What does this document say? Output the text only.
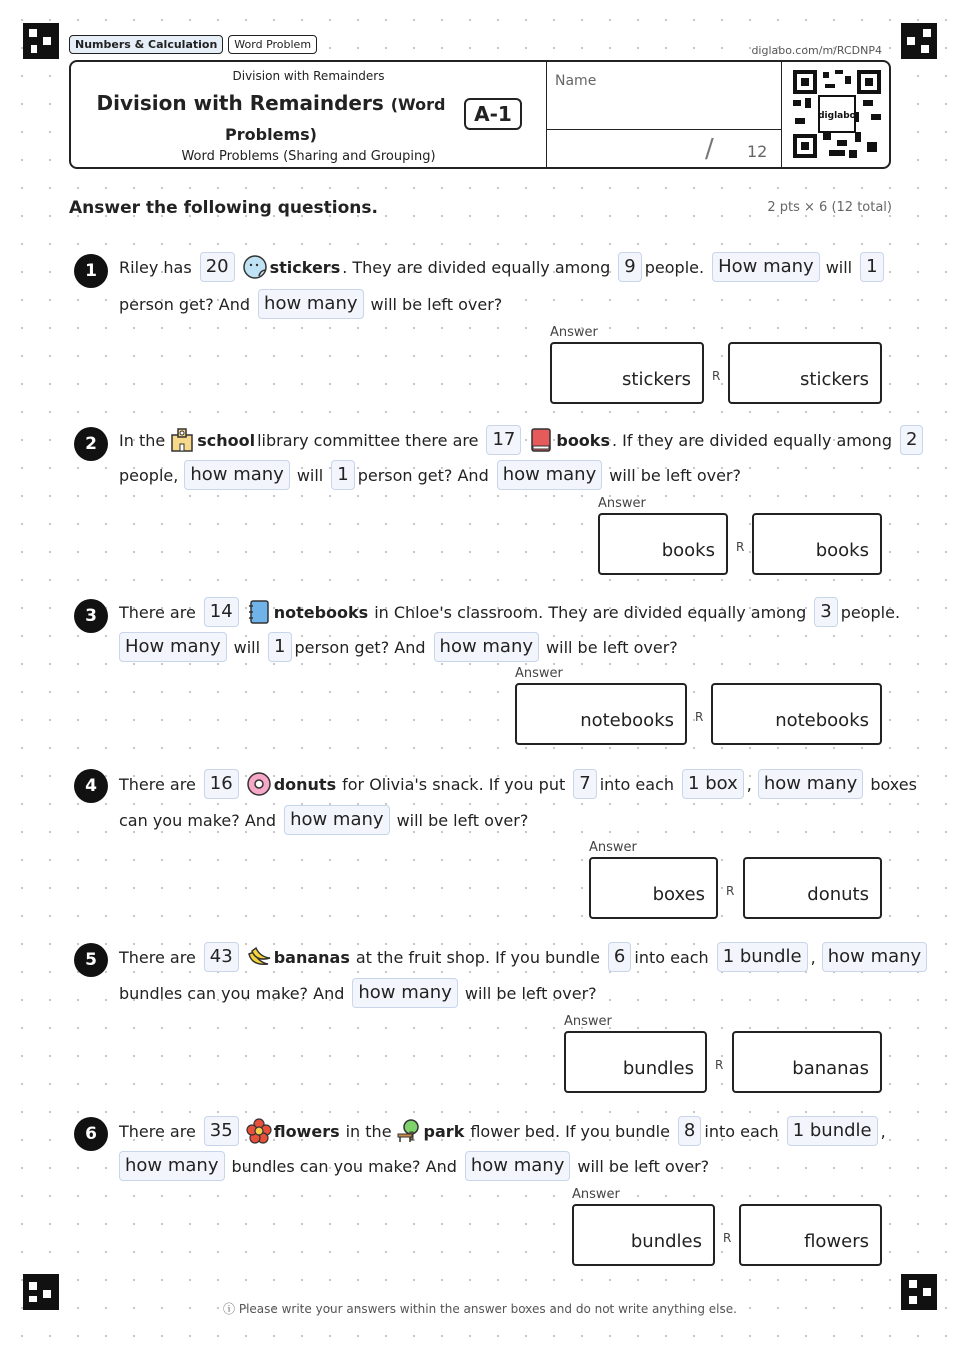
Numbers & Calculation	Word Problem	diglabo.com/m/RCDNP4
Division with Remainders
Division with Remainders (Word
Problems)
A-1
Word Problems (Sharing and Grouping)
Name
/ 12
diglabo
Answer the following questions.	2 pts × 6 (12 total)
1	Riley has 20	stickers . They are divided equally among 9 people. How many will 1
person get? And how many will be left over?
Answer
stickers	R	stickers
2	In the school library committee there are 17	books . If they are divided equally among 2
people, how many will 1 person get? And how many will be left over?
Answer
books	R	books
3	There are 14	notebooks in Chloe's classroom. They are divided equally among 3 people.
How many will 1 person get? And how many will be left over?
Answer
notebooks	R	notebooks
4	There are 16	donuts for Olivia's snack. If you put 7 into each 1 box , how many boxes
can you make? And how many will be left over?
Answer
boxes	R	donuts
5	There are 43	bananas at the fruit shop. If you bundle 6 into each 1 bundle , how many
bundles can you make? And how many will be left over?
Answer
bundles	R	bananas
6	There are 35	flowers in the park flower bed. If you bundle 8 into each 1 bundle ,
how many bundles can you make? And how many will be left over?
Answer
bundles	R	flowers
ⓘ Please write your answers within the answer boxes and do not write anything else.
